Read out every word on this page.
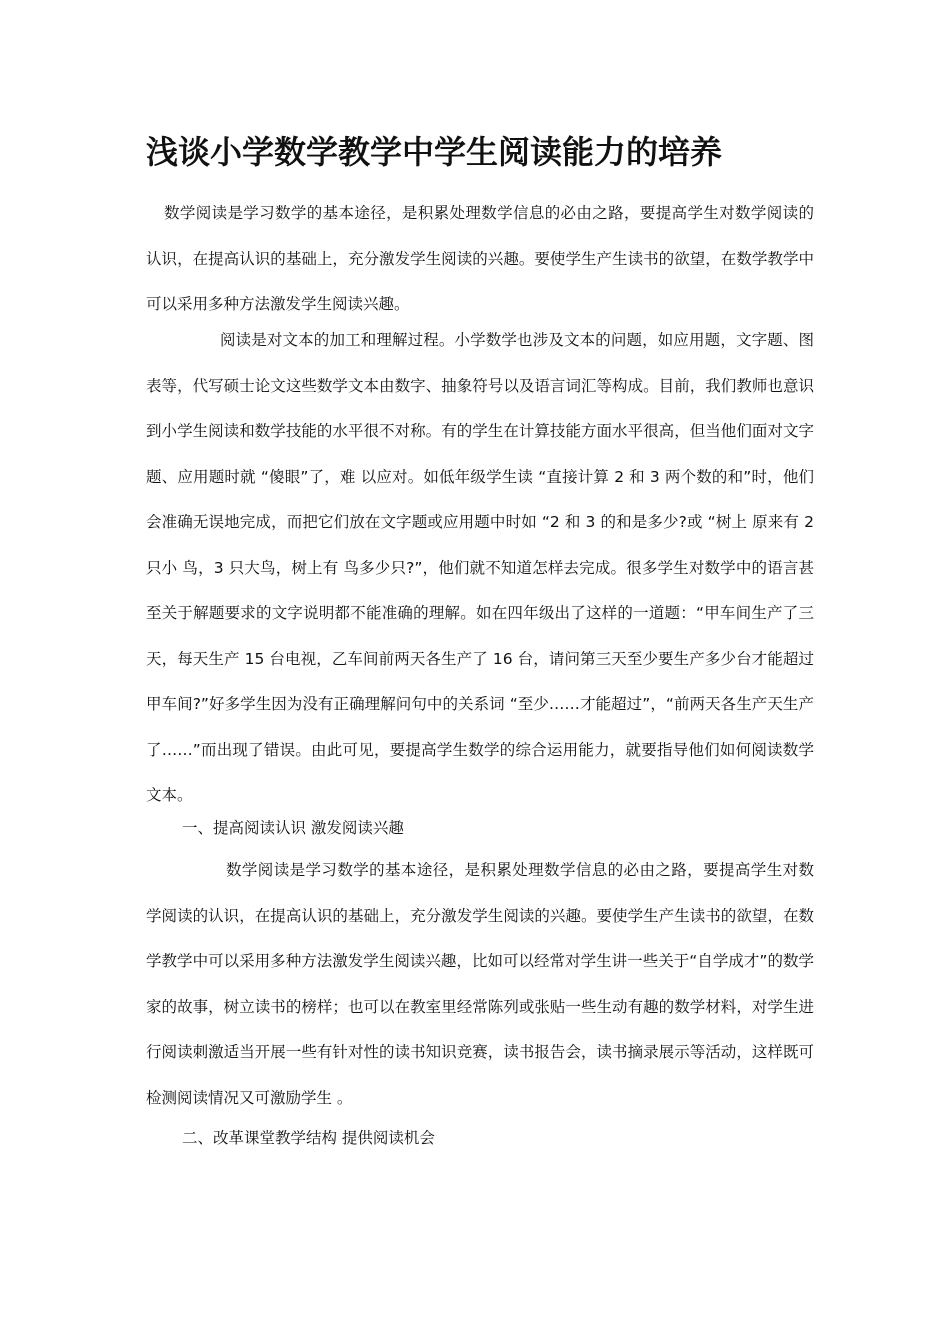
浅谈小学数学教学中学生阅读能力的培养

数学阅读是学习数学的基本途径，是积累处理数学信息的必由之路，要提高学生对数学阅读的认识，在提高认识的基础上，充分激发学生阅读的兴趣。要使学生产生读书的欲望，在数学教学中可以采用多种方法激发学生阅读兴趣。

阅读是对文本的加工和理解过程。小学数学也涉及文本的问题，如应用题，文字题、图表等，代写硕士论文这些数学文本由数字、抽象符号以及语言词汇等构成。目前，我们教师也意识到小学生阅读和数学技能的水平很不对称。有的学生在计算技能方面水平很高，但当他们面对文字题、应用题时就 “傻眼”了，难 以应对。如低年级学生读 “直接计算 2 和 3 两个数的和”时，他们会准确无误地完成，而把它们放在文字题或应用题中时如 “2 和 3 的和是多少?或 “树上 原来有 2 只小 鸟，3 只大鸟，树上有 鸟多少只?”，他们就不知道怎样去完成。很多学生对数学中的语言甚至关于解题要求的文字说明都不能准确的理解。如在四年级出了这样的一道题：“甲车间生产了三天，每天生产 15 台电视，乙车间前两天各生产了 16 台，请问第三天至少要生产多少台才能超过甲车间?”好多学生因为没有正确理解问句中的关系词 “至少……才能超过”，“前两天各生产天生产了……”而出现了错误。由此可见，要提高学生数学的综合运用能力，就要指导他们如何阅读数学文本。

一、提高阅读认识 激发阅读兴趣

数学阅读是学习数学的基本途径，是积累处理数学信息的必由之路，要提高学生对数学阅读的认识，在提高认识的基础上，充分激发学生阅读的兴趣。要使学生产生读书的欲望，在数学教学中可以采用多种方法激发学生阅读兴趣，比如可以经常对学生讲一些关于“自学成才”的数学家的故事，树立读书的榜样；也可以在教室里经常陈列或张贴一些生动有趣的数学材料，对学生进行阅读刺激适当开展一些有针对性的读书知识竞赛，读书报告会，读书摘录展示等活动，这样既可检测阅读情况又可激励学生 。

二、改革课堂教学结构 提供阅读机会
